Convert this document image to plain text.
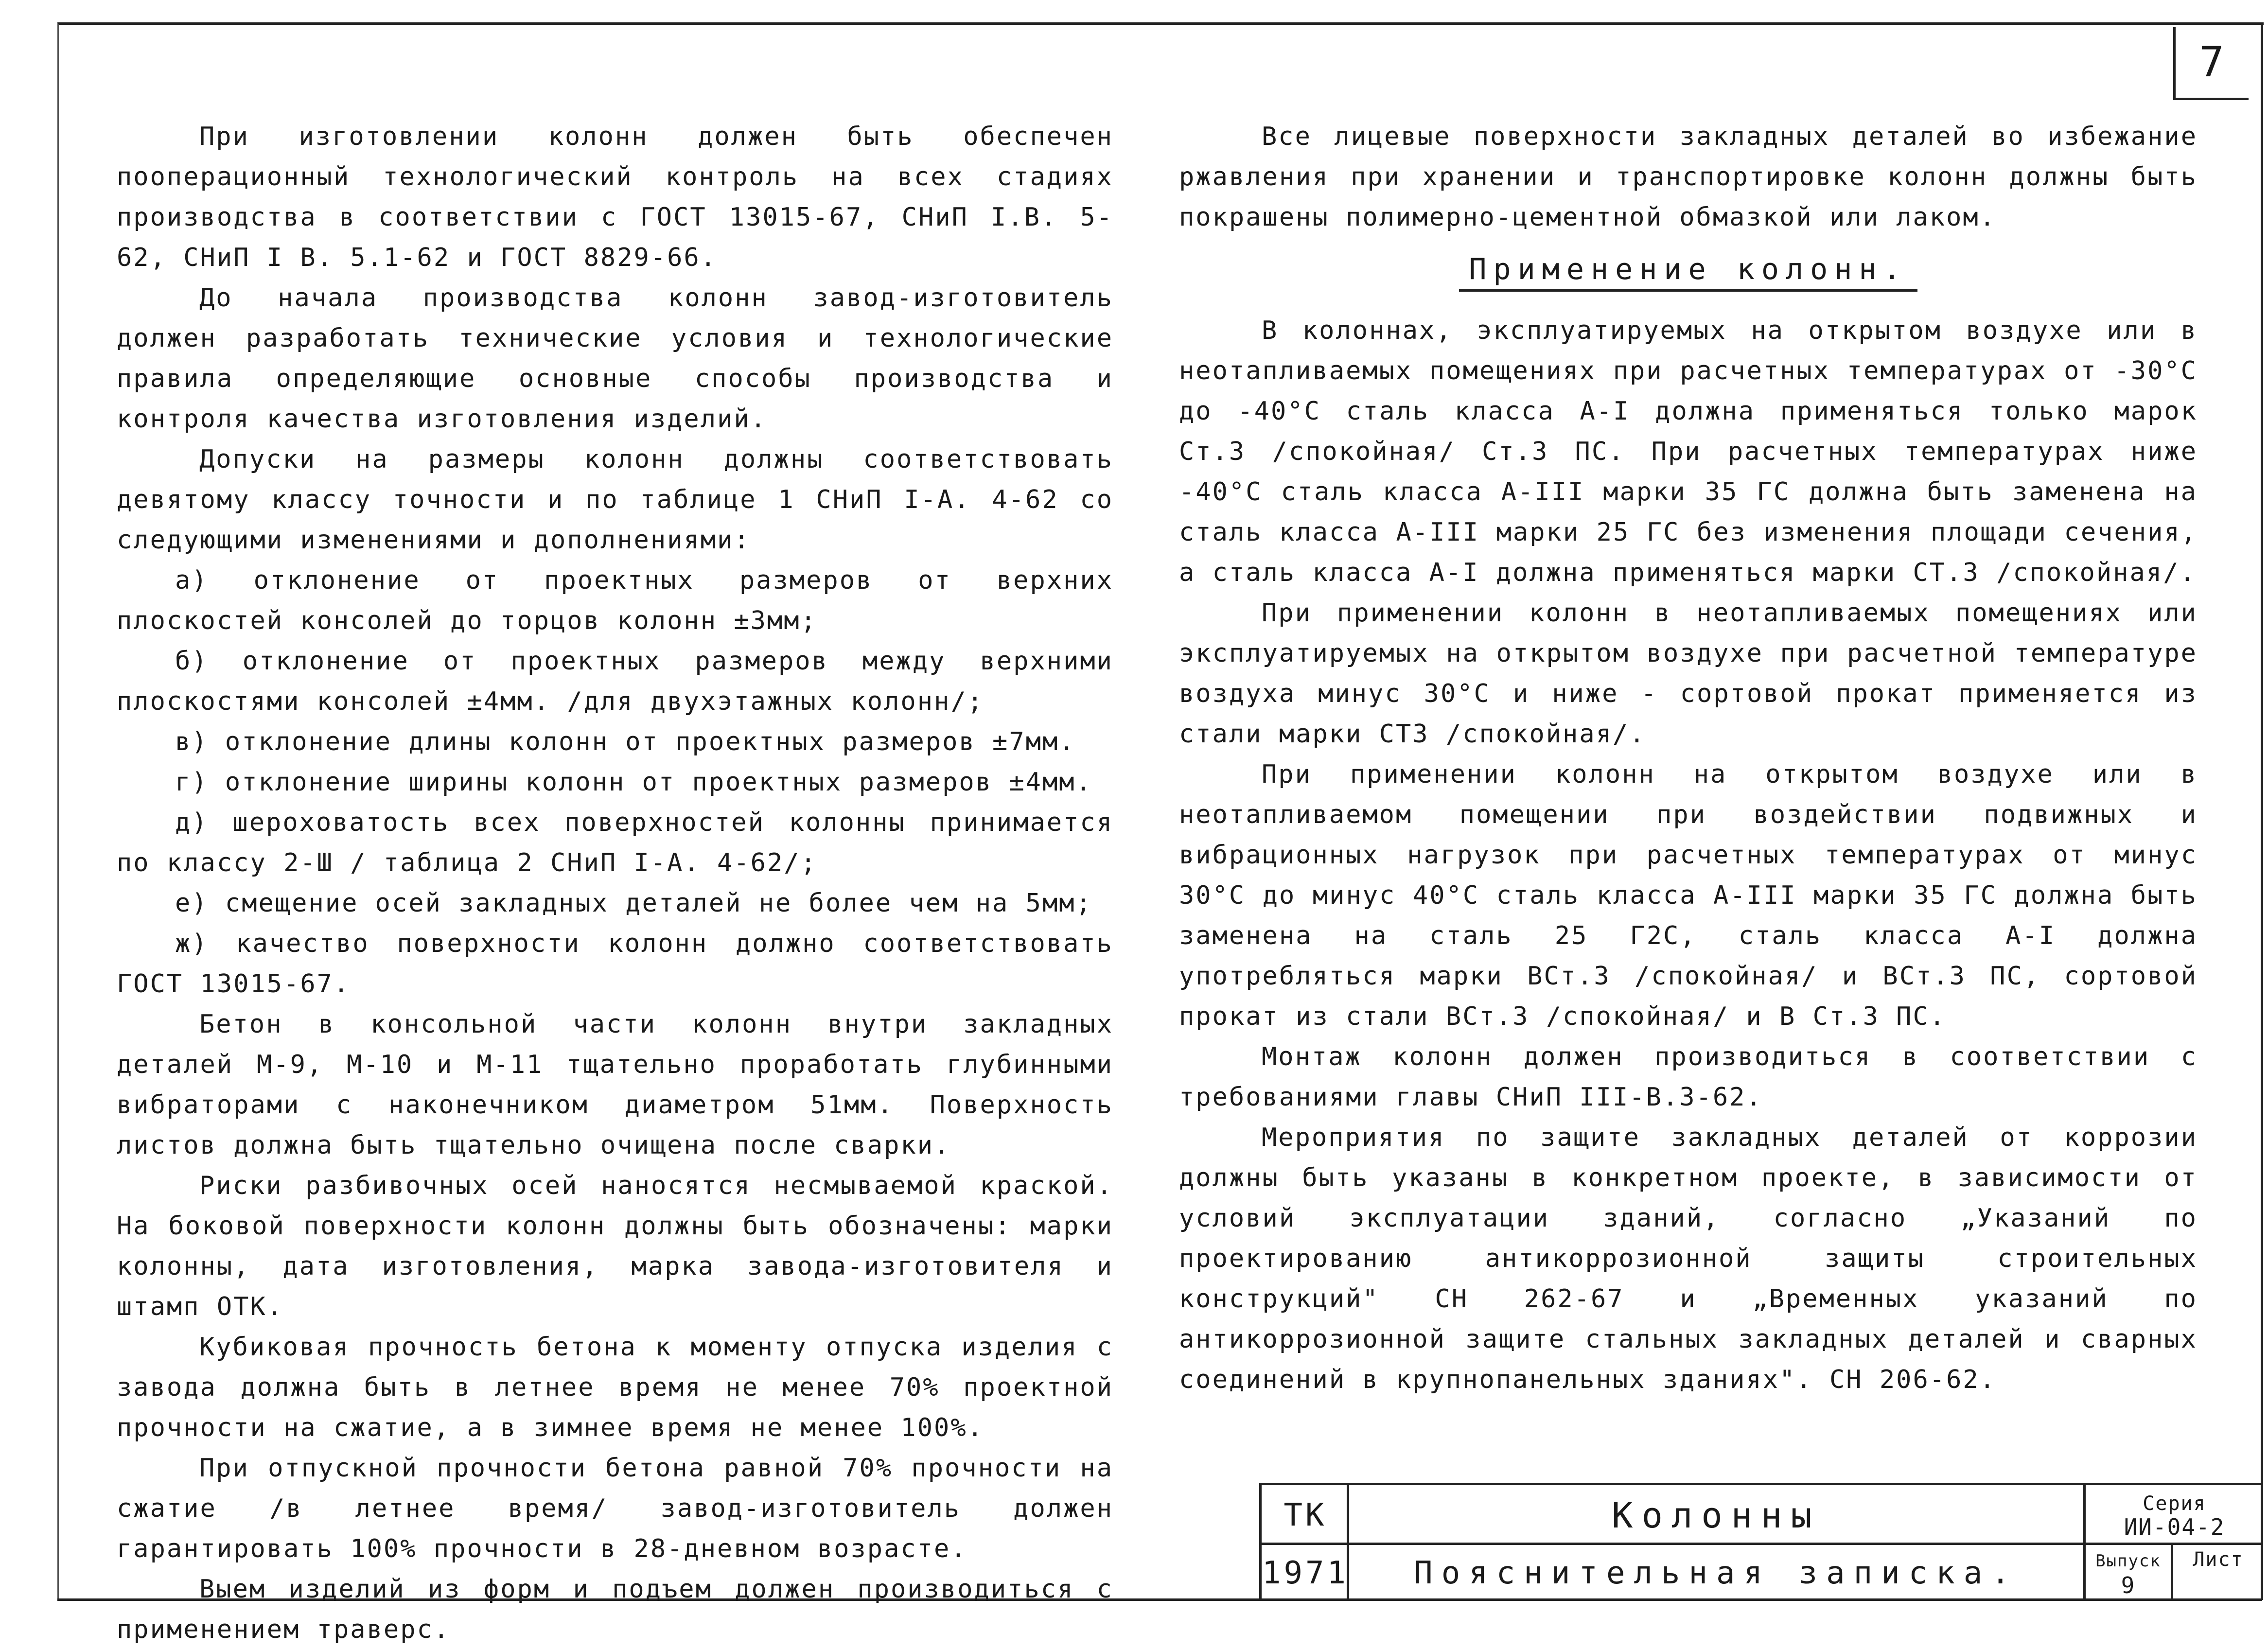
7

При изготовлении колонн должен быть обеспечен пооперационный технологический контроль на всех стадиях производства в соответствии с ГОСТ 13015-67, СНиП I.B. 5-62, СНиП I B. 5.1-62 и ГОСТ 8829-66.

До начала производства колонн завод-изготовитель должен разработать технические условия и технологические правила определяющие основные способы производства и контроля качества изготовления изделий.

Допуски на размеры колонн должны соответствовать девятому классу точности и по таблице 1 СНиП I-A. 4-62 со следующими изменениями и дополнениями:

а) отклонение от проектных размеров от верхних плоскостей консолей до торцов колонн ±3мм;

б) отклонение от проектных размеров между верхними плоскостями консолей ±4мм. /для двухэтажных колонн/;

в) отклонение длины колонн от проектных размеров ±7мм.

г) отклонение ширины колонн от проектных размеров ±4мм.

д) шероховатость всех поверхностей колонны принимается по классу 2-Ш / таблица 2 СНиП I-А. 4-62/;

е) смещение осей закладных деталей не более чем на 5мм;

ж) качество поверхности колонн должно соответствовать ГОСТ 13015-67.

Бетон в консольной части колонн внутри закладных деталей М-9, М-10 и М-11 тщательно проработать глубинными вибраторами с наконечником диаметром 51мм. Поверхность листов должна быть тщательно очищена после сварки.

Риски разбивочных осей наносятся несмываемой краской. На боковой поверхности колонн должны быть обозначены: марки колонны, дата изготовления, марка завода-изготовителя и штамп ОТК.

Кубиковая прочность бетона к моменту отпуска изделия с завода должна быть в летнее время не менее 70% проектной прочности на сжатие, а в зимнее время не менее 100%.

При отпускной прочности бетона равной 70% прочности на сжатие /в летнее время/ завод-изготовитель должен гарантировать 100% прочности в 28-дневном возрасте.

Выем изделий из форм и подъем должен производиться с применением траверс.

Все лицевые поверхности закладных деталей во избежание ржавления при хранении и транспортировке колонн должны быть покрашены полимерно-цементной обмазкой или лаком.

Применение колонн.

В колоннах, эксплуатируемых на открытом воздухе или в неотапливаемых помещениях при расчетных температурах от -30°С до -40°С сталь класса А-I должна применяться только марок Ст.3 /спокойная/ Ст.3 ПС. При расчетных температурах ниже -40°С сталь класса А-III марки 35 ГС должна быть заменена на сталь класса А-III марки 25 ГС без изменения площади сечения, а сталь класса А-I должна применяться марки СТ.3 /спокойная/.

При применении колонн в неотапливаемых помещениях или эксплуатируемых на открытом воздухе при расчетной температуре воздуха минус 30°С и ниже - сортовой прокат применяется из стали марки СТ3 /спокойная/.

При применении колонн на открытом воздухе или в неотапливаемом помещении при воздействии подвижных и вибрационных нагрузок при расчетных температурах от минус 30°С до минус 40°С сталь класса А-III марки 35 ГС должна быть заменена на сталь 25 Г2С, сталь класса А-I должна употребляться марки ВСт.3 /спокойная/ и ВСт.3 ПС, сортовой прокат из стали ВСт.3 /спокойная/ и В Ст.3 ПС.

Монтаж колонн должен производиться в соответствии с требованиями главы СНиП III-В.3-62.

Мероприятия по защите закладных деталей от коррозии должны быть указаны в конкретном проекте, в зависимости от условий эксплуатации зданий, согласно „Указаний по проектированию антикоррозионной защиты строительных конструкций" СН 262-67 и „Временных указаний по антикоррозионной защите стальных закладных деталей и сварных соединений в крупнопанельных зданиях". СН 206-62.

ТК
1971
Колонны
Пояснительная записка.
Серия
ИИ-04-2
Выпуск
9
Лист
